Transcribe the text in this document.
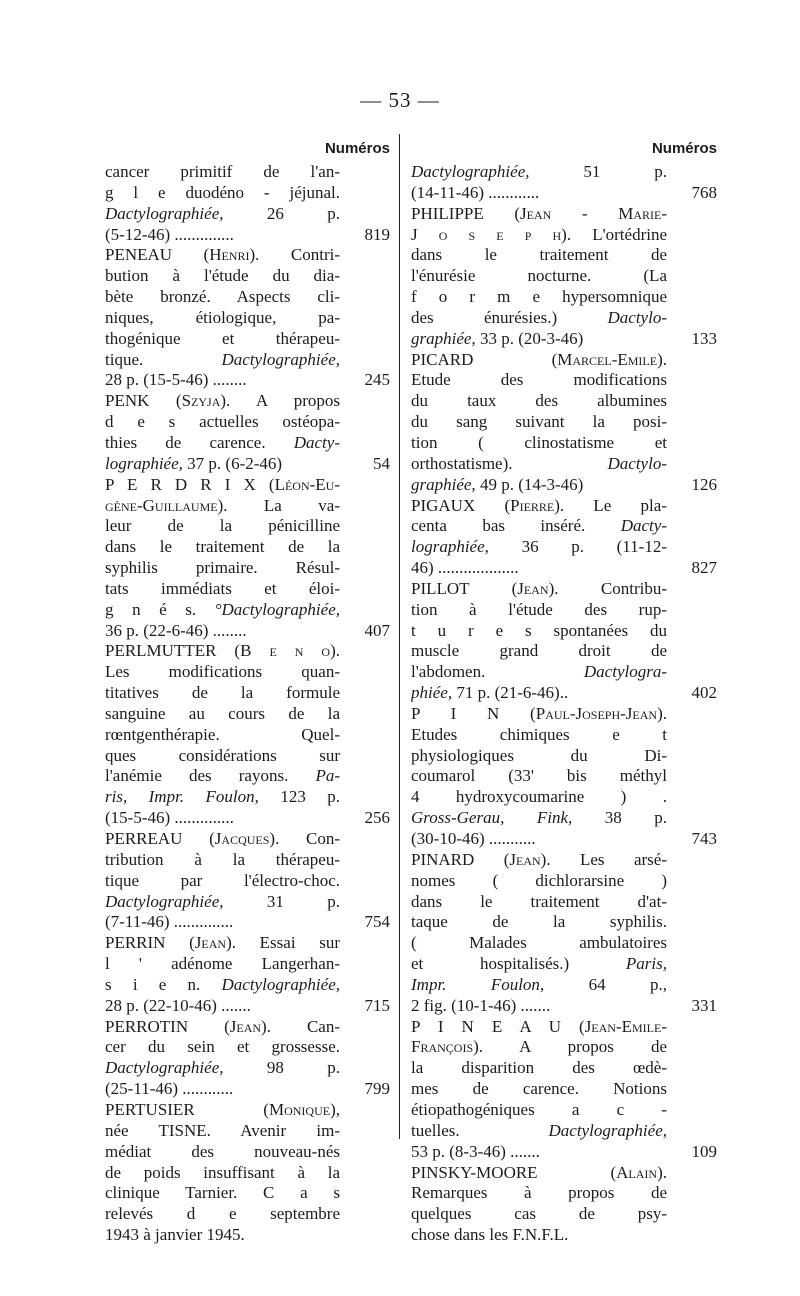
— 53 —
Numéros
cancer primitif de l'an-
g l e duodéno - jéjunal.
Dactylographiée, 26 p.
(5-12-46) ..............	819
PENEAU (Henri). Contri-
bution à l'étude du dia-
bète bronzé. Aspects cli-
niques, étiologique, pa-
thogénique et thérapeu-
tique. Dactylographiée,
28 p. (15-5-46) ........	245
PENK (Szyja). A propos
d e s actuelles ostéopa-
thies de carence. Dacty-
lographiée, 37 p. (6-2-46)	54
P E R D R I X (Léon-Eu-
gène-Guillaume). La va-
leur de la pénicilline
dans le traitement de la
syphilis primaire. Résul-
tats immédiats et éloi-
g n é s. °Dactylographiée,
36 p. (22-6-46) ........	407
PERLMUTTER (B e n o).
Les modifications quan-
titatives de la formule
sanguine au cours de la
rœntgenthérapie. Quel-
ques considérations sur
l'anémie des rayons. Pa-
ris, Impr. Foulon, 123 p.
(15-5-46) ..............	256
PERREAU (Jacques). Con-
tribution à la thérapeu-
tique par l'électro-choc.
Dactylographiée, 31 p.
(7-11-46) ..............	754
PERRIN (Jean). Essai sur
l ' adénome Langerhan-
s i e n. Dactylographiée,
28 p. (22-10-46) .......	715
PERROTIN (Jean). Can-
cer du sein et grossesse.
Dactylographiée, 98 p.
(25-11-46) ............	799
PERTUSIER (Monique),
née TISNE. Avenir im-
médiat des nouveau-nés
de poids insuffisant à la
clinique Tarnier. C a s
relevés d e septembre
1943 à janvier 1945.
Numéros
Dactylographiée, 51 p.
(14-11-46) ............	768
PHILIPPE (Jean - Marie-
J o s e p h). L'ortédrine
dans le traitement de
l'énurésie nocturne. (La
f o r m e hypersomnique
des énurésies.) Dactylo-
graphiée, 33 p. (20-3-46)	133
PICARD (Marcel-Emile).
Etude des modifications
du taux des albumines
du sang suivant la posi-
tion ( clinostatisme et
orthostatisme). Dactylo-
graphiée, 49 p. (14-3-46)	126
PIGAUX (Pierre). Le pla-
centa bas inséré. Dacty-
lographiée, 36 p. (11-12-
46) ...................	827
PILLOT (Jean). Contribu-
tion à l'étude des rup-
t u r e s spontanées du
muscle grand droit de
l'abdomen. Dactylogra-
phiée, 71 p. (21-6-46)..	402
P I N (Paul-Joseph-Jean).
Etudes chimiques e t
physiologiques du Di-
coumarol (33' bis méthyl
4 hydroxycoumarine ) .
Gross-Gerau, Fink, 38 p.
(30-10-46) ...........	743
PINARD (Jean). Les arsé-
nomes ( dichlorarsine )
dans le traitement d'at-
taque de la syphilis.
( Malades ambulatoires
et hospitalisés.) Paris,
Impr. Foulon, 64 p.,
2 fig. (10-1-46) .......	331
P I N E A U (Jean-Emile-
François). A propos de
la disparition des œdè-
mes de carence. Notions
étiopathogéniques a c -
tuelles. Dactylographiée,
53 p. (8-3-46) .......	109
PINSKY-MOORE (Alain).
Remarques à propos de
quelques cas de psy-
chose dans les F.N.F.L.
